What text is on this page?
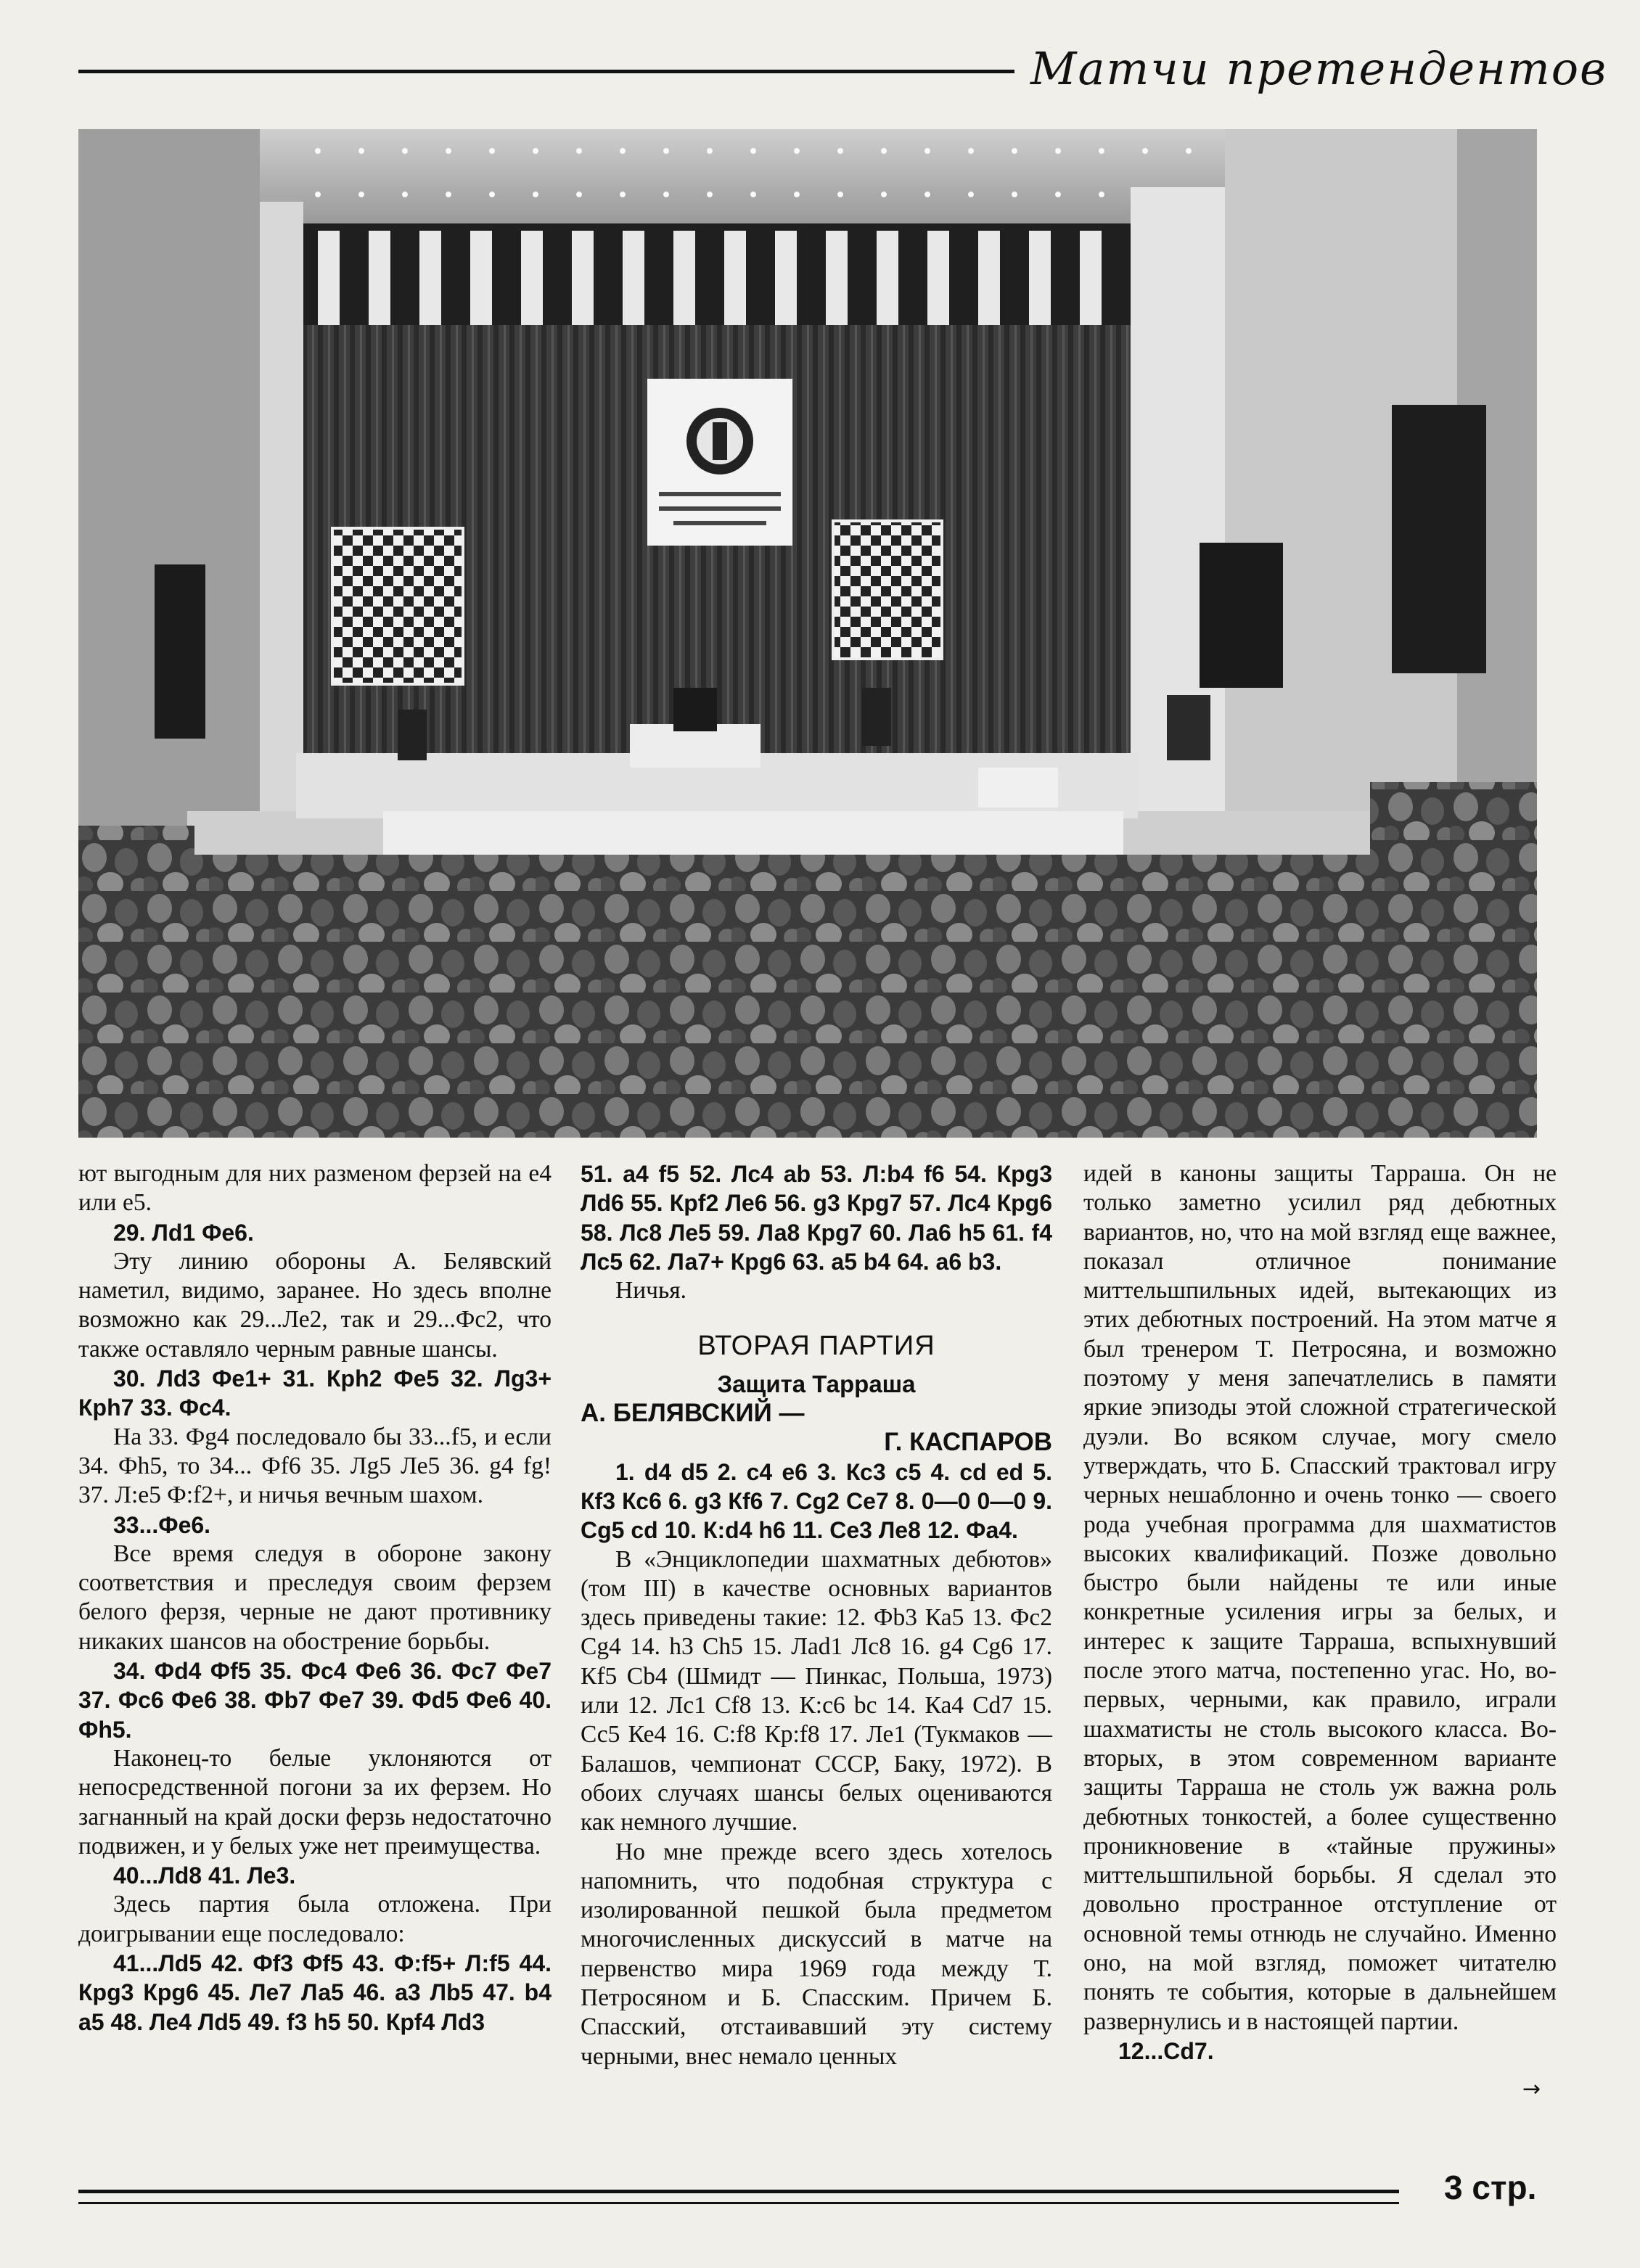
Матчи претендентов

ют выгодным для них разменом ферзей на е4 или е5.

29. Лd1 Фе6.

Эту линию обороны А. Белявский наметил, видимо, заранее. Но здесь вполне возможно как 29...Ле2, так и 29...Фс2, что также оставляло черным равные шансы.

30. Лd3 Фе1+ 31. Крh2 Фе5 32. Лg3+ Крh7 33. Фс4.

На 33. Фg4 последовало бы 33...f5, и если 34. Фh5, то 34... Фf6 35. Лg5 Ле5 36. g4 fg! 37. Л:е5 Ф:f2+, и ничья вечным шахом.

33...Фе6.

Все время следуя в обороне закону соответствия и преследуя своим ферзем белого ферзя, черные не дают противнику никаких шансов на обострение борьбы.

34. Фd4 Фf5 35. Фс4 Фе6 36. Фс7 Фе7 37. Фс6 Фе6 38. Фb7 Фе7 39. Фd5 Фе6 40. Фh5.

Наконец-то белые уклоняются от непосредственной погони за их ферзем. Но загнанный на край доски ферзь недостаточно подвижен, и у белых уже нет преимущества.

40...Лd8 41. Ле3.

Здесь партия была отложена. При доигрывании еще последовало:

41...Лd5 42. Фf3 Фf5 43. Ф:f5+ Л:f5 44. Крg3 Крg6 45. Ле7 Ла5 46. а3 Лb5 47. b4 а5 48. Ле4 Лd5 49. f3 h5 50. Крf4 Лd3

51. а4 f5 52. Лс4 аb 53. Л:b4 f6 54. Крg3 Лd6 55. Крf2 Ле6 56. g3 Крg7 57. Лс4 Крg6 58. Лс8 Ле5 59. Ла8 Крg7 60. Ла6 h5 61. f4 Лс5 62. Ла7+ Крg6 63. а5 b4 64. а6 b3.

Ничья.

ВТОРАЯ ПАРТИЯ
Защита Тарраша
А. БЕЛЯВСКИЙ —
Г. КАСПАРОВ

1. d4 d5 2. с4 е6 3. Кс3 с5 4. cd ed 5. Кf3 Кс6 6. g3 Кf6 7. Cg2 Се7 8. 0—0 0—0 9. Cg5 cd 10. К:d4 h6 11. Се3 Ле8 12. Фа4.

В «Энциклопедии шахматных дебютов» (том III) в качестве основных вариантов здесь приведены такие: 12. Фb3 Ка5 13. Фс2 Сg4 14. h3 Сh5 15. Лаd1 Лс8 16. g4 Сg6 17. Кf5 Сb4 (Шмидт — Пинкас, Польша, 1973) или 12. Лс1 Cf8 13. К:с6 bс 14. Ка4 Сd7 15. Сс5 Ке4 16. С:f8 Кр:f8 17. Ле1 (Тукмаков — Балашов, чемпионат СССР, Баку, 1972). В обоих случаях шансы белых оцениваются как немного лучшие.

Но мне прежде всего здесь хотелось напомнить, что подобная структура с изолированной пешкой была предметом многочисленных дискуссий в матче на первенство мира 1969 года между Т. Петросяном и Б. Спасским. Причем Б. Спасский, отстаивавший эту систему черными, внес немало ценных

идей в каноны защиты Тарраша. Он не только заметно усилил ряд дебютных вариантов, но, что на мой взгляд еще важнее, показал отличное понимание миттельшпильных идей, вытекающих из этих дебютных построений. На этом матче я был тренером Т. Петросяна, и возможно поэтому у меня запечатлелись в памяти яркие эпизоды этой сложной стратегической дуэли. Во всяком случае, могу смело утверждать, что Б. Спасский трактовал игру черных нешаблонно и очень тонко — своего рода учебная программа для шахматистов высоких квалификаций. Позже довольно быстро были найдены те или иные конкретные усиления игры за белых, и интерес к защите Тарраша, вспыхнувший после этого матча, постепенно угас. Но, во-первых, черными, как правило, играли шахматисты не столь высокого класса. Во-вторых, в этом современном варианте защиты Тарраша не столь уж важна роль дебютных тонкостей, а более существенно проникновение в «тайные пружины» миттельшпильной борьбы. Я сделал это довольно пространное отступление от основной темы отнюдь не случайно. Именно оно, на мой взгляд, поможет читателю понять те события, которые в дальнейшем развернулись и в настоящей партии.

12...Сd7.

→
3 стр.
